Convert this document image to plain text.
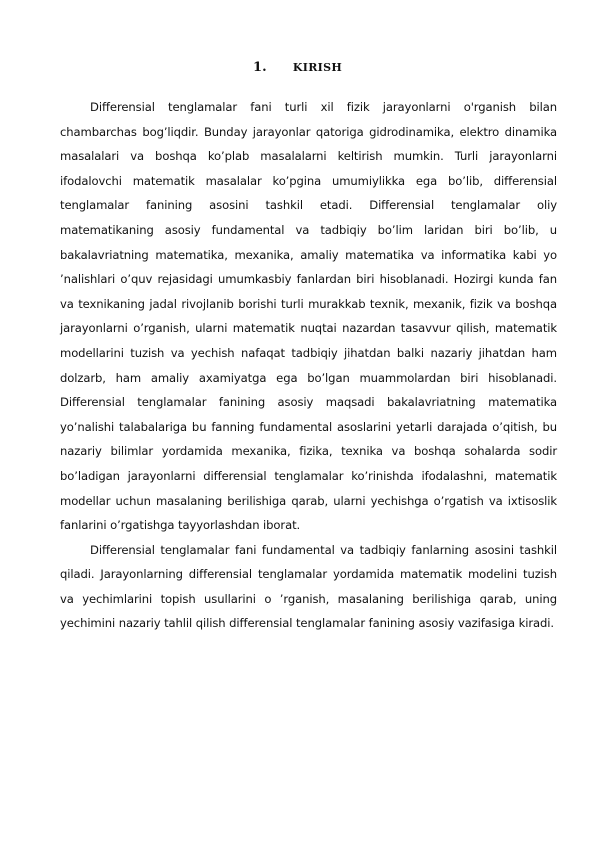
1. KIRISH

Differensial tenglamalar fani turli xil fizik jarayonlarni o'rganish bilan chambarchas bog’liqdir. Bunday jarayonlar qatoriga gidrodinamika, elektro dinamika masalalari va boshqa ko’plab masalalarni keltirish mumkin. Turli jarayonlarni ifodalovchi matematik masalalar ko’pgina umumiylikka ega bo’lib, differensial tenglamalar fanining asosini tashkil etadi. Differensial tenglamalar oliy matematikaning asosiy fundamental va tadbiqiy bo’lim laridan biri bo’lib, u bakalavriatning matematika, mexanika, amaliy matematika va informatika kabi yo ’nalishlari o’quv rejasidagi umumkasbiy fanlardan biri hisoblanadi. Hozirgi kunda fan va texnikaning jadal rivojlanib borishi turli murakkab texnik, mexanik, fizik va boshqa jarayonlarni o’rganish, ularni matematik nuqtai nazardan tasavvur qilish, matematik modellarini tuzish va yechish nafaqat tadbiqiy jihatdan balki nazariy jihatdan ham dolzarb, ham amaliy axamiyatga ega bo’lgan muammolardan biri hisoblanadi. Differensial tenglamalar fanining asosiy maqsadi bakalavriatning matematika yo’nalishi talabalariga bu fanning fundamental asoslarini yetarli darajada o’qitish, bu nazariy bilimlar yordamida mexanika, fizika, texnika va boshqa sohalarda sodir bo’ladigan jarayonlarni differensial tenglamalar ko’rinishda ifodalashni, matematik modellar uchun masalaning berilishiga qarab, ularni yechishga o’rgatish va ixtisoslik fanlarini o’rgatishga tayyorlashdan iborat.

Differensial tenglamalar fani fundamental va tadbiqiy fanlarning asosini tashkil qiladi. Jarayonlarning differensial tenglamalar yordamida matematik modelini tuzish va yechimlarini topish usullarini o ’rganish, masalaning berilishiga qarab, uning yechimini nazariy tahlil qilish differensial tenglamalar fanining asosiy vazifasiga kiradi.
